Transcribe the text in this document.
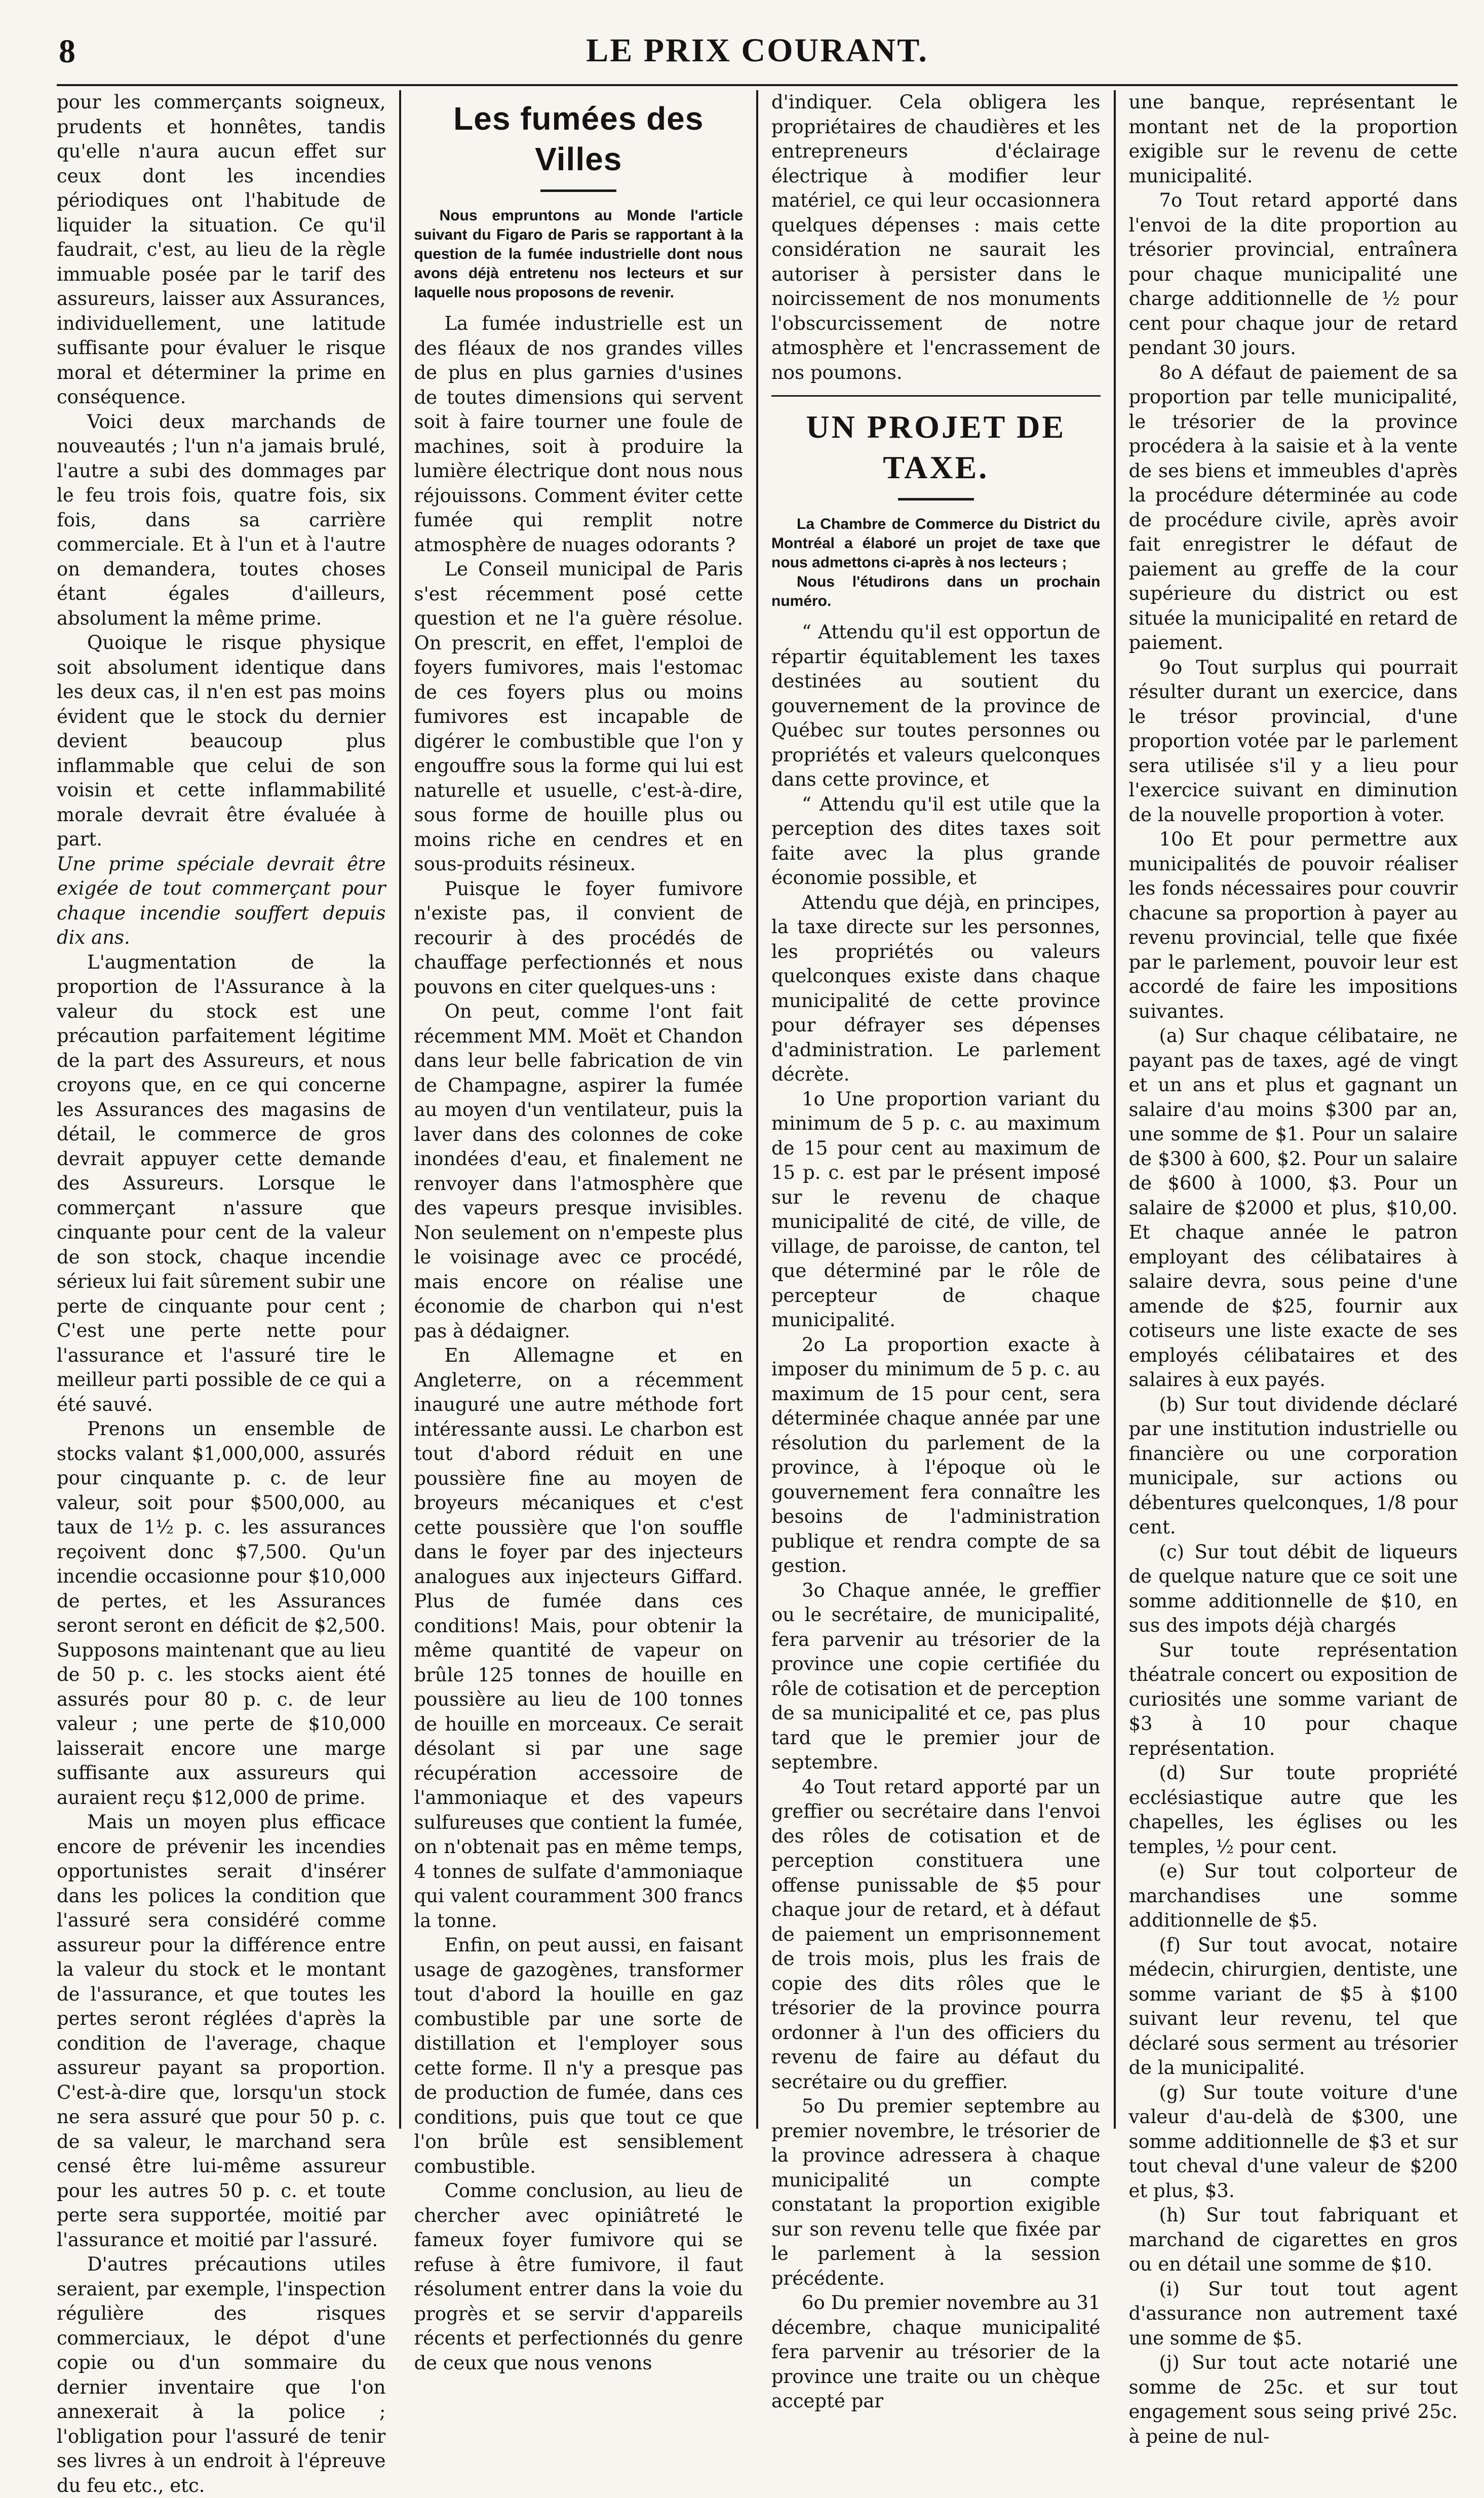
8	LE PRIX COURANT.

pour les commerçants soigneux, prudents et honnêtes, tandis qu'elle n'aura aucun effet sur ceux dont les incendies périodiques ont l'habitude de liquider la situation. Ce qu'il faudrait, c'est, au lieu de la règle immuable posée par le tarif des assureurs, laisser aux Assurances, individuellement, une latitude suffisante pour évaluer le risque moral et déterminer la prime en conséquence.

Voici deux marchands de nouveautés ; l'un n'a jamais brulé, l'autre a subi des dommages par le feu trois fois, quatre fois, six fois, dans sa carrière commerciale. Et à l'un et à l'autre on demandera, toutes choses étant égales d'ailleurs, absolument la même prime.

Quoique le risque physique soit absolument identique dans les deux cas, il n'en est pas moins évident que le stock du dernier devient beaucoup plus inflammable que celui de son voisin et cette inflammabilité morale devrait être évaluée à part.

Une prime spéciale devrait être exigée de tout commerçant pour chaque incendie souffert depuis dix ans.

L'augmentation de la proportion de l'Assurance à la valeur du stock est une précaution parfaitement légitime de la part des Assureurs, et nous croyons que, en ce qui concerne les Assurances des magasins de détail, le commerce de gros devrait appuyer cette demande des Assureurs. Lorsque le commerçant n'assure que cinquante pour cent de la valeur de son stock, chaque incendie sérieux lui fait sûrement subir une perte de cinquante pour cent ; C'est une perte nette pour l'assurance et l'assuré tire le meilleur parti possible de ce qui a été sauvé.

Prenons un ensemble de stocks valant $1,000,000, assurés pour cinquante p. c. de leur valeur, soit pour $500,000, au taux de 1½ p. c. les assurances reçoivent donc $7,500. Qu'un incendie occasionne pour $10,000 de pertes, et les Assurances seront seront en déficit de $2,500. Supposons maintenant que au lieu de 50 p. c. les stocks aient été assurés pour 80 p. c. de leur valeur ; une perte de $10,000 laisserait encore une marge suffisante aux assureurs qui auraient reçu $12,000 de prime.

Mais un moyen plus efficace encore de prévenir les incendies opportunistes serait d'insérer dans les polices la condition que l'assuré sera considéré comme assureur pour la différence entre la valeur du stock et le montant de l'assurance, et que toutes les pertes seront réglées d'après la condition de l'average, chaque assureur payant sa proportion. C'est-à-dire que, lorsqu'un stock ne sera assuré que pour 50 p. c. de sa valeur, le marchand sera censé être lui-même assureur pour les autres 50 p. c. et toute perte sera supportée, moitié par l'assurance et moitié par l'assuré.

D'autres précautions utiles seraient, par exemple, l'inspection régulière des risques commerciaux, le dépot d'une copie ou d'un sommaire du dernier inventaire que l'on annexerait à la police ; l'obligation pour l'assuré de tenir ses livres à un endroit à l'épreuve du feu etc., etc.

Les fumées des Villes

Nous empruntons au Monde l'article suivant du Figaro de Paris se rapportant à la question de la fumée industrielle dont nous avons déjà entretenu nos lecteurs et sur laquelle nous proposons de revenir.

La fumée industrielle est un des fléaux de nos grandes villes de plus en plus garnies d'usines de toutes dimensions qui servent soit à faire tourner une foule de machines, soit à produire la lumière électrique dont nous nous réjouissons. Comment éviter cette fumée qui remplit notre atmosphère de nuages odorants ?

Le Conseil municipal de Paris s'est récemment posé cette question et ne l'a guère résolue. On prescrit, en effet, l'emploi de foyers fumivores, mais l'estomac de ces foyers plus ou moins fumivores est incapable de digérer le combustible que l'on y engouffre sous la forme qui lui est naturelle et usuelle, c'est-à-dire, sous forme de houille plus ou moins riche en cendres et en sous-produits résineux.

Puisque le foyer fumivore n'existe pas, il convient de recourir à des procédés de chauffage perfectionnés et nous pouvons en citer quelques-uns :

On peut, comme l'ont fait récemment MM. Moët et Chandon dans leur belle fabrication de vin de Champagne, aspirer la fumée au moyen d'un ventilateur, puis la laver dans des colonnes de coke inondées d'eau, et finalement ne renvoyer dans l'atmosphère que des vapeurs presque invisibles. Non seulement on n'empeste plus le voisinage avec ce procédé, mais encore on réalise une économie de charbon qui n'est pas à dédaigner.

En Allemagne et en Angleterre, on a récemment inauguré une autre méthode fort intéressante aussi. Le charbon est tout d'abord réduit en une poussière fine au moyen de broyeurs mécaniques et c'est cette poussière que l'on souffle dans le foyer par des injecteurs analogues aux injecteurs Giffard. Plus de fumée dans ces conditions! Mais, pour obtenir la même quantité de vapeur on brûle 125 tonnes de houille en poussière au lieu de 100 tonnes de houille en morceaux. Ce serait désolant si par une sage récupération accessoire de l'ammoniaque et des vapeurs sulfureuses que contient la fumée, on n'obtenait pas en même temps, 4 tonnes de sulfate d'ammoniaque qui valent couramment 300 francs la tonne.

Enfin, on peut aussi, en faisant usage de gazogènes, transformer tout d'abord la houille en gaz combustible par une sorte de distillation et l'employer sous cette forme. Il n'y a presque pas de production de fumée, dans ces conditions, puis que tout ce que l'on brûle est sensiblement combustible.

Comme conclusion, au lieu de chercher avec opiniâtreté le fameux foyer fumivore qui se refuse à être fumivore, il faut résolument entrer dans la voie du progrès et se servir d'appareils récents et perfectionnés du genre de ceux que nous venons

d'indiquer. Cela obligera les propriétaires de chaudières et les entrepreneurs d'éclairage électrique à modifier leur matériel, ce qui leur occasionnera quelques dépenses : mais cette considération ne saurait les autoriser à persister dans le noircissement de nos monuments l'obscurcissement de notre atmosphère et l'encrassement de nos poumons.

UN PROJET DE TAXE.

La Chambre de Commerce du District du Montréal a élaboré un projet de taxe que nous admettons ci-après à nos lecteurs ;

Nous l'étudirons dans un prochain numéro.

“ Attendu qu'il est opportun de répartir équitablement les taxes destinées au soutient du gouvernement de la province de Québec sur toutes personnes ou propriétés et valeurs quelconques dans cette province, et

“ Attendu qu'il est utile que la perception des dites taxes soit faite avec la plus grande économie possible, et

Attendu que déjà, en principes, la taxe directe sur les personnes, les propriétés ou valeurs quelconques existe dans chaque municipalité de cette province pour défrayer ses dépenses d'administration. Le parlement décrète.

1o Une proportion variant du minimum de 5 p. c. au maximum de 15 pour cent au maximum de 15 p. c. est par le présent imposé sur le revenu de chaque municipalité de cité, de ville, de village, de paroisse, de canton, tel que déterminé par le rôle de percepteur de chaque municipalité.

2o La proportion exacte à imposer du minimum de 5 p. c. au maximum de 15 pour cent, sera déterminée chaque année par une résolution du parlement de la province, à l'époque où le gouvernement fera connaître les besoins de l'administration publique et rendra compte de sa gestion.

3o Chaque année, le greffier ou le secrétaire, de municipalité, fera parvenir au trésorier de la province une copie certifiée du rôle de cotisation et de perception de sa municipalité et ce, pas plus tard que le premier jour de septembre.

4o Tout retard apporté par un greffier ou secrétaire dans l'envoi des rôles de cotisation et de perception constituera une offense punissable de $5 pour chaque jour de retard, et à défaut de paiement un emprisonnement de trois mois, plus les frais de copie des dits rôles que le trésorier de la province pourra ordonner à l'un des officiers du revenu de faire au défaut du secrétaire ou du greffier.

5o Du premier septembre au premier novembre, le trésorier de la province adressera à chaque municipalité un compte constatant la proportion exigible sur son revenu telle que fixée par le parlement à la session précédente.

6o Du premier novembre au 31 décembre, chaque municipalité fera parvenir au trésorier de la province une traite ou un chèque accepté par

une banque, représentant le montant net de la proportion exigible sur le revenu de cette municipalité.

7o Tout retard apporté dans l'envoi de la dite proportion au trésorier provincial, entraînera pour chaque municipalité une charge additionnelle de ½ pour cent pour chaque jour de retard pendant 30 jours.

8o A défaut de paiement de sa proportion par telle municipalité, le trésorier de la province procédera à la saisie et à la vente de ses biens et immeubles d'après la procédure déterminée au code de procédure civile, après avoir fait enregistrer le défaut de paiement au greffe de la cour supérieure du district ou est située la municipalité en retard de paiement.

9o Tout surplus qui pourrait résulter durant un exercice, dans le trésor provincial, d'une proportion votée par le parlement sera utilisée s'il y a lieu pour l'exercice suivant en diminution de la nouvelle proportion à voter.

10o Et pour permettre aux municipalités de pouvoir réaliser les fonds nécessaires pour couvrir chacune sa proportion à payer au revenu provincial, telle que fixée par le parlement, pouvoir leur est accordé de faire les impositions suivantes.

(a) Sur chaque célibataire, ne payant pas de taxes, agé de vingt et un ans et plus et gagnant un salaire d'au moins $300 par an, une somme de $1. Pour un salaire de $300 à 600, $2. Pour un salaire de $600 à 1000, $3. Pour un salaire de $2000 et plus, $10,00. Et chaque année le patron employant des célibataires à salaire devra, sous peine d'une amende de $25, fournir aux cotiseurs une liste exacte de ses employés célibataires et des salaires à eux payés.

(b) Sur tout dividende déclaré par une institution industrielle ou financière ou une corporation municipale, sur actions ou débentures quelconques, 1/8 pour cent.

(c) Sur tout débit de liqueurs de quelque nature que ce soit une somme additionnelle de $10, en sus des impots déjà chargés

Sur toute représentation théatrale concert ou exposition de curiosités une somme variant de $3 à 10 pour chaque représentation.

(d) Sur toute propriété ecclésiastique autre que les chapelles, les églises ou les temples, ½ pour cent.

(e) Sur tout colporteur de marchandises une somme additionnelle de $5.

(f) Sur tout avocat, notaire médecin, chirurgien, dentiste, une somme variant de $5 à $100 suivant leur revenu, tel que déclaré sous serment au trésorier de la municipalité.

(g) Sur toute voiture d'une valeur d'au-delà de $300, une somme additionnelle de $3 et sur tout cheval d'une valeur de $200 et plus, $3.

(h) Sur tout fabriquant et marchand de cigarettes en gros ou en détail une somme de $10.

(i) Sur tout tout agent d'assurance non autrement taxé une somme de $5.

(j) Sur tout acte notarié une somme de 25c. et sur tout engagement sous seing privé 25c. à peine de nul-
